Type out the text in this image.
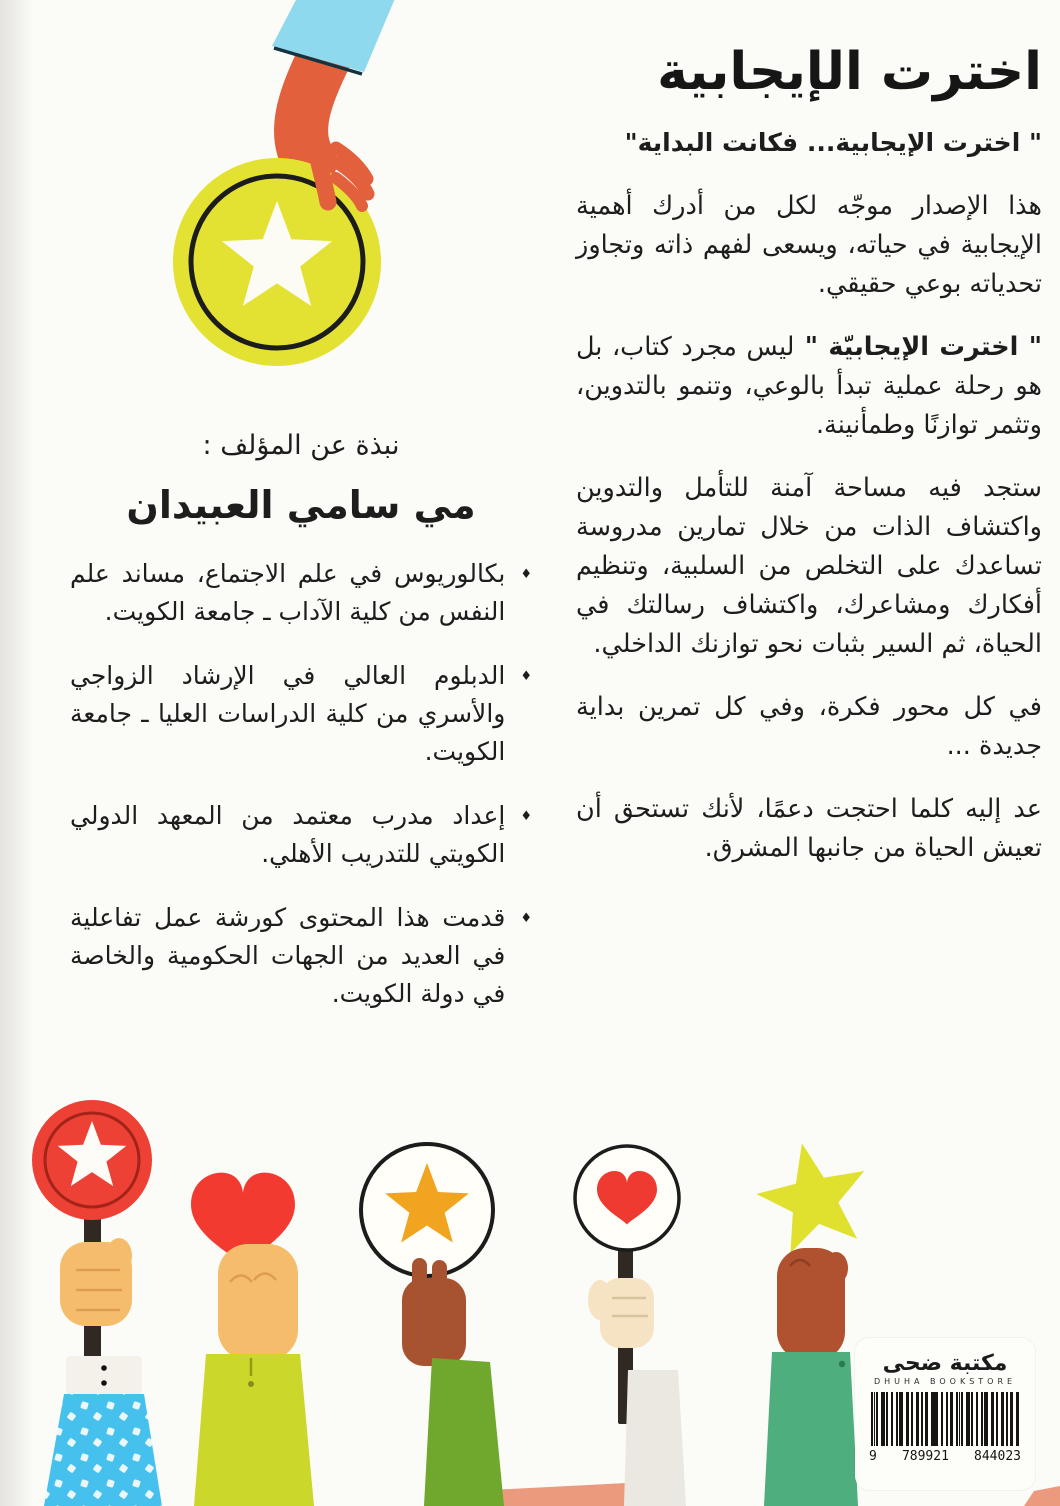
اخترت الإيجابية
" اخترت الإيجابية... فكانت البداية"

هذا الإصدار موجّه لكل من أدرك أهمية الإيجابية في حياته، ويسعى لفهم ذاته وتجاوز تحدياته بوعي حقيقي.

" اخترت الإيجابيّة " ليس مجرد كتاب، بل هو رحلة عملية تبدأ بالوعي، وتنمو بالتدوين، وتثمر توازنًا وطمأنينة.

ستجد فيه مساحة آمنة للتأمل والتدوين واكتشاف الذات من خلال تمارين مدروسة تساعدك على التخلص من السلبية، وتنظيم أفكارك ومشاعرك، واكتشاف رسالتك في الحياة، ثم السير بثبات نحو توازنك الداخلي.

في كل محور فكرة، وفي كل تمرين بداية جديدة ...

عد إليه كلما احتجت دعمًا، لأنك تستحق أن تعيش الحياة من جانبها المشرق.

نبذة عن المؤلف :

مي سامي العبيدان

♦
بكالوريوس في علم الاجتماع، مساند علم النفس من كلية الآداب ـ جامعة الكويت.
♦
الدبلوم العالي في الإرشاد الزواجي والأسري من كلية الدراسات العليا ـ جامعة الكويت.
♦
إعداد مدرب معتمد من المعهد الدولي الكويتي للتدريب الأهلي.
♦
قدمت هذا المحتوى كورشة عمل تفاعلية في العديد من الجهات الحكومية والخاصة في دولة الكويت.
مكتبة ضحى
DHUHA BOOKSTORE
9 789921 844023
